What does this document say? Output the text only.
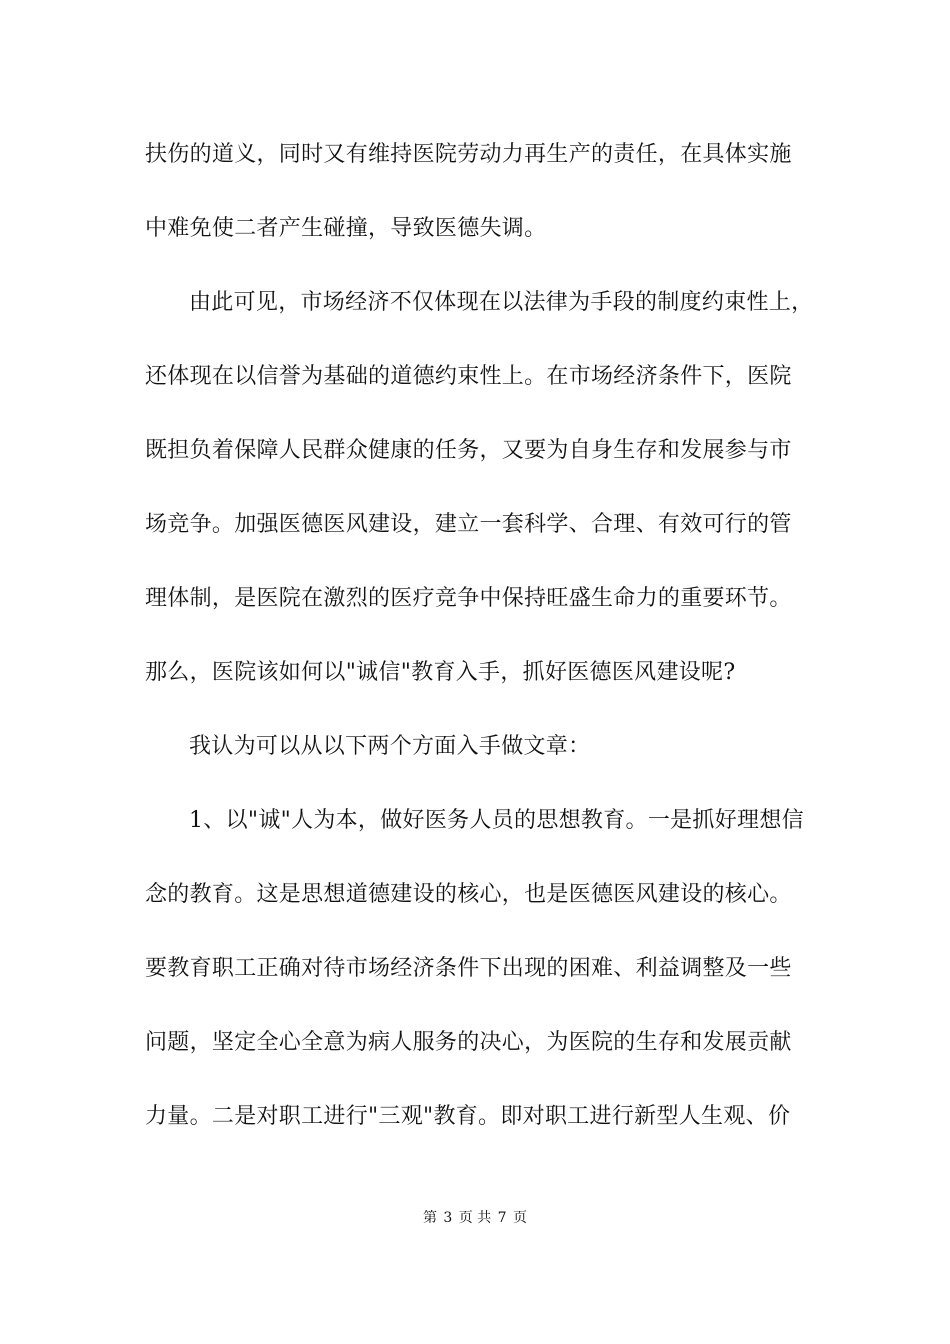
扶伤的道义，同时又有维持医院劳动力再生产的责任，在具体实施
中难免使二者产生碰撞，导致医德失调。
由此可见，市场经济不仅体现在以法律为手段的制度约束性上，
还体现在以信誉为基础的道德约束性上。在市场经济条件下，医院
既担负着保障人民群众健康的任务，又要为自身生存和发展参与市
场竞争。加强医德医风建设，建立一套科学、合理、有效可行的管
理体制，是医院在激烈的医疗竞争中保持旺盛生命力的重要环节。
那么，医院该如何以"诚信"教育入手，抓好医德医风建设呢?
我认为可以从以下两个方面入手做文章：
1、以"诚"人为本，做好医务人员的思想教育。一是抓好理想信
念的教育。这是思想道德建设的核心，也是医德医风建设的核心。
要教育职工正确对待市场经济条件下出现的困难、利益调整及一些
问题，坚定全心全意为病人服务的决心，为医院的生存和发展贡献
力量。二是对职工进行"三观"教育。即对职工进行新型人生观、价
第 3 页 共 7 页
